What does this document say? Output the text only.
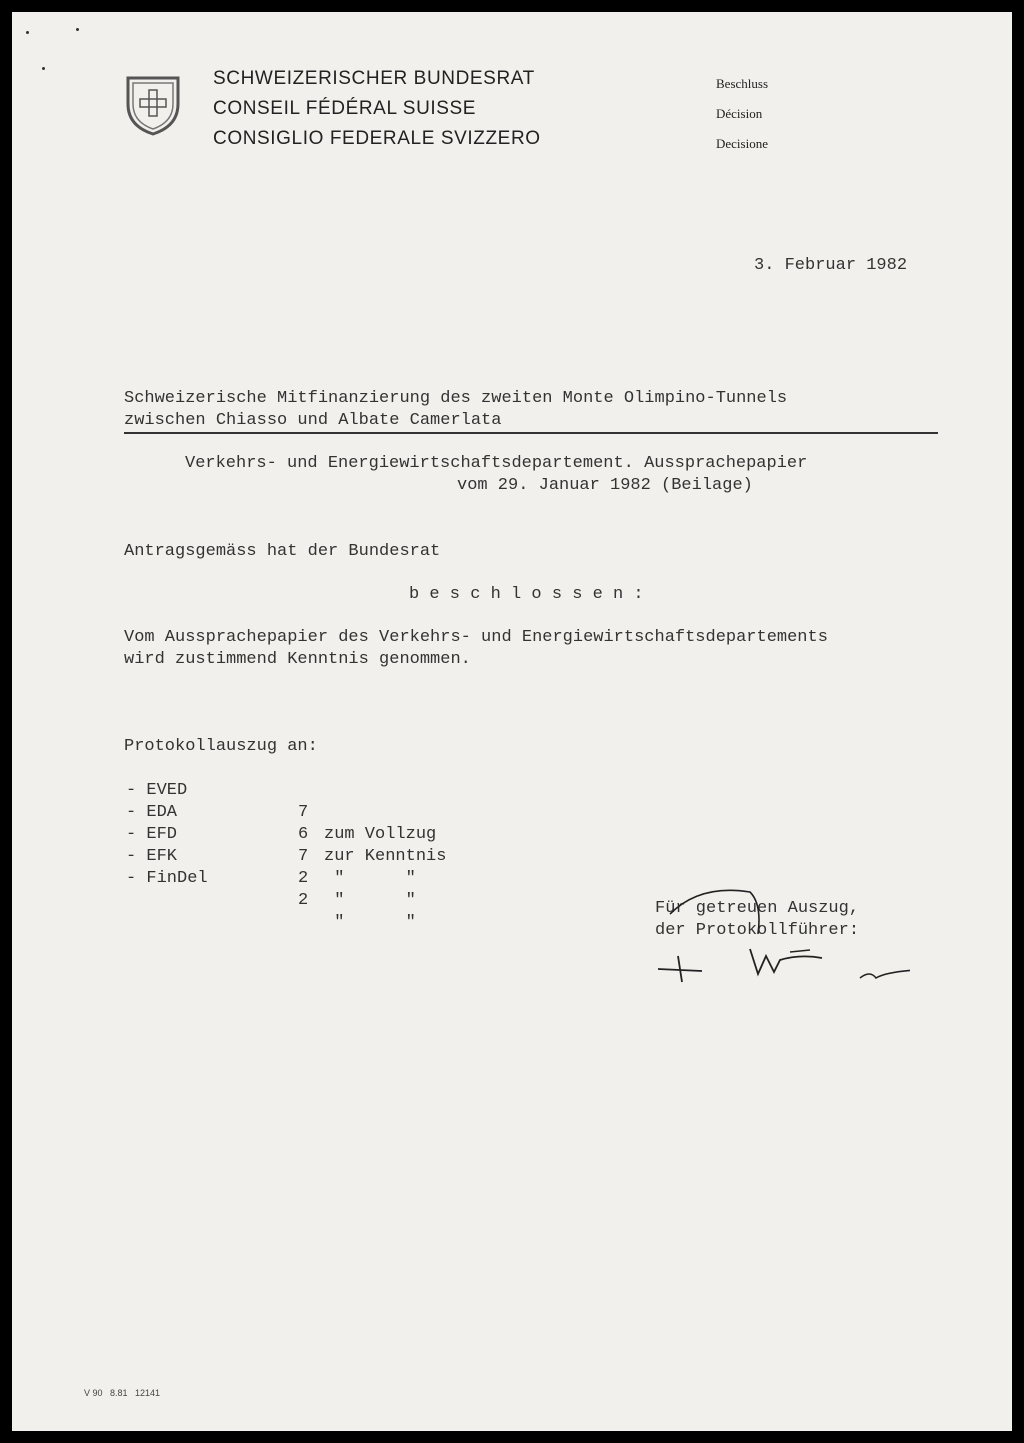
SCHWEIZERISCHER BUNDESRAT
CONSEIL FÉDÉRAL SUISSE
CONSIGLIO FEDERALE SVIZZERO
Beschluss
Décision
Decisione
3. Februar 1982
Schweizerische Mitfinanzierung des zweiten Monte Olimpino-Tunnels
zwischen Chiasso und Albate Camerlata
Verkehrs- und Energiewirtschaftsdepartement. Aussprachepapier
vom 29. Januar 1982 (Beilage)
Antragsgemäss hat der Bundesrat
b e s c h l o s s e n :
Vom Aussprachepapier des Verkehrs- und Energiewirtschaftsdepartements
wird zustimmend Kenntnis genommen.
Protokollauszug an:

- EVED

7

zum Vollzug

- EDA

6

zur Kenntnis

- EFD

7

"      "

- EFK

2

"      "

- FinDel

2

"      "

Für getreuen Auszug,
der Protokollführer:
V 90   8.81   12141
